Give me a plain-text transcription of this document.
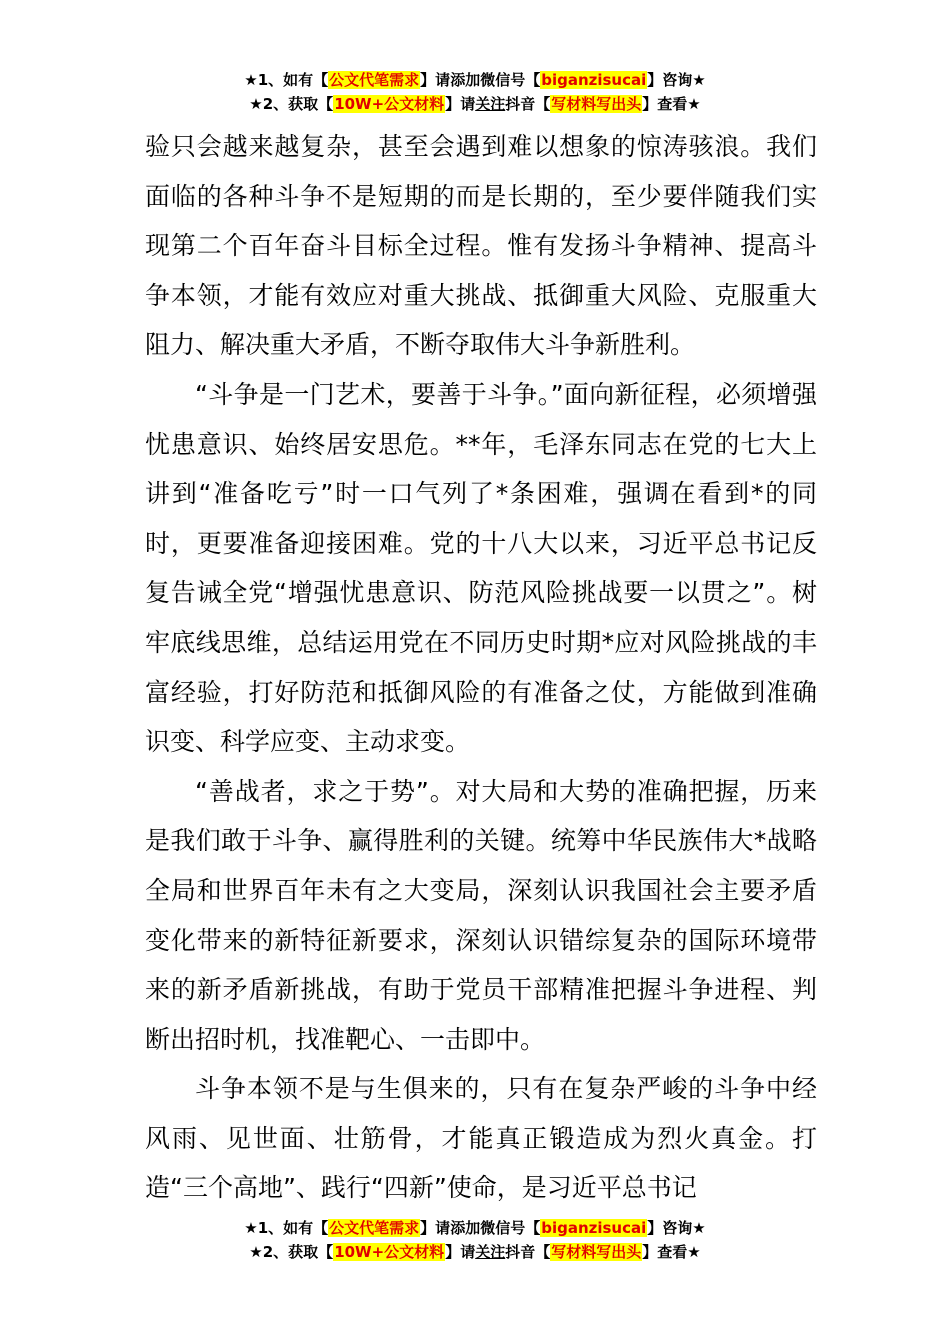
★1、如有【公文代笔需求】请添加微信号【biganzisucai】咨询★
★2、获取【10W+公文材料】请关注抖音【写材料写出头】查看★

验只会越来越复杂，甚至会遇到难以想象的惊涛骇浪。我们面临的各种斗争不是短期的而是长期的，至少要伴随我们实现第二个百年奋斗目标全过程。惟有发扬斗争精神、提高斗争本领，才能有效应对重大挑战、抵御重大风险、克服重大阻力、解决重大矛盾，不断夺取伟大斗争新胜利。

“斗争是一门艺术，要善于斗争。”面向新征程，必须增强忧患意识、始终居安思危。**年，毛泽东同志在党的七大上讲到“准备吃亏”时一口气列了*条困难，强调在看到*的同时，更要准备迎接困难。党的十八大以来，习近平总书记反复告诫全党“增强忧患意识、防范风险挑战要一以贯之”。树牢底线思维，总结运用党在不同历史时期*应对风险挑战的丰富经验，打好防范和抵御风险的有准备之仗，方能做到准确识变、科学应变、主动求变。

“善战者，求之于势”。对大局和大势的准确把握，历来是我们敢于斗争、赢得胜利的关键。统筹中华民族伟大*战略全局和世界百年未有之大变局，深刻认识我国社会主要矛盾变化带来的新特征新要求，深刻认识错综复杂的国际环境带来的新矛盾新挑战，有助于党员干部精准把握斗争进程、判断出招时机，找准靶心、一击即中。

斗争本领不是与生俱来的，只有在复杂严峻的斗争中经风雨、见世面、壮筋骨，才能真正锻造成为烈火真金。打造“三个高地”、践行“四新”使命，是习近平总书记

★1、如有【公文代笔需求】请添加微信号【biganzisucai】咨询★
★2、获取【10W+公文材料】请关注抖音【写材料写出头】查看★
